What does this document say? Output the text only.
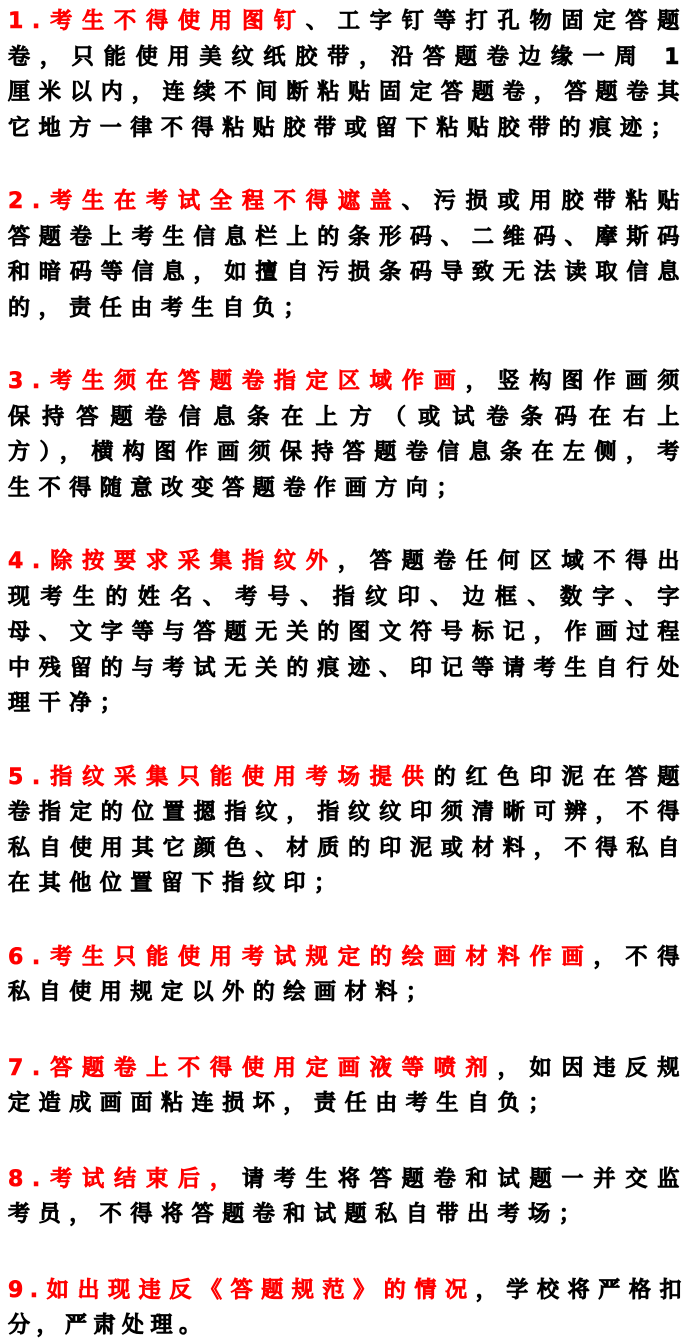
1.考生不得使用图钉、工字钉等打孔物固定答题卷，只能使用美纹纸胶带，沿答题卷边缘一周 1 厘米以内，连续不间断粘贴固定答题卷，答题卷其它地方一律不得粘贴胶带或留下粘贴胶带的痕迹；

2.考生在考试全程不得遮盖、污损或用胶带粘贴答题卷上考生信息栏上的条形码、二维码、摩斯码和暗码等信息，如擅自污损条码导致无法读取信息的，责任由考生自负；

3.考生须在答题卷指定区域作画，竖构图作画须保持答题卷信息条在上方（或试卷条码在右上方），横构图作画须保持答题卷信息条在左侧，考生不得随意改变答题卷作画方向；

4.除按要求采集指纹外，答题卷任何区域不得出现考生的姓名、考号、指纹印、边框、数字、字母、文字等与答题无关的图文符号标记，作画过程中残留的与考试无关的痕迹、印记等请考生自行处理干净；

5.指纹采集只能使用考场提供的红色印泥在答题卷指定的位置摁指纹，指纹纹印须清晰可辨，不得私自使用其它颜色、材质的印泥或材料，不得私自在其他位置留下指纹印；

6.考生只能使用考试规定的绘画材料作画，不得私自使用规定以外的绘画材料；

7.答题卷上不得使用定画液等喷剂，如因违反规定造成画面粘连损坏，责任由考生自负；

8.考试结束后，请考生将答题卷和试题一并交监考员，不得将答题卷和试题私自带出考场；

9.如出现违反《答题规范》的情况，学校将严格扣分，严肃处理。
